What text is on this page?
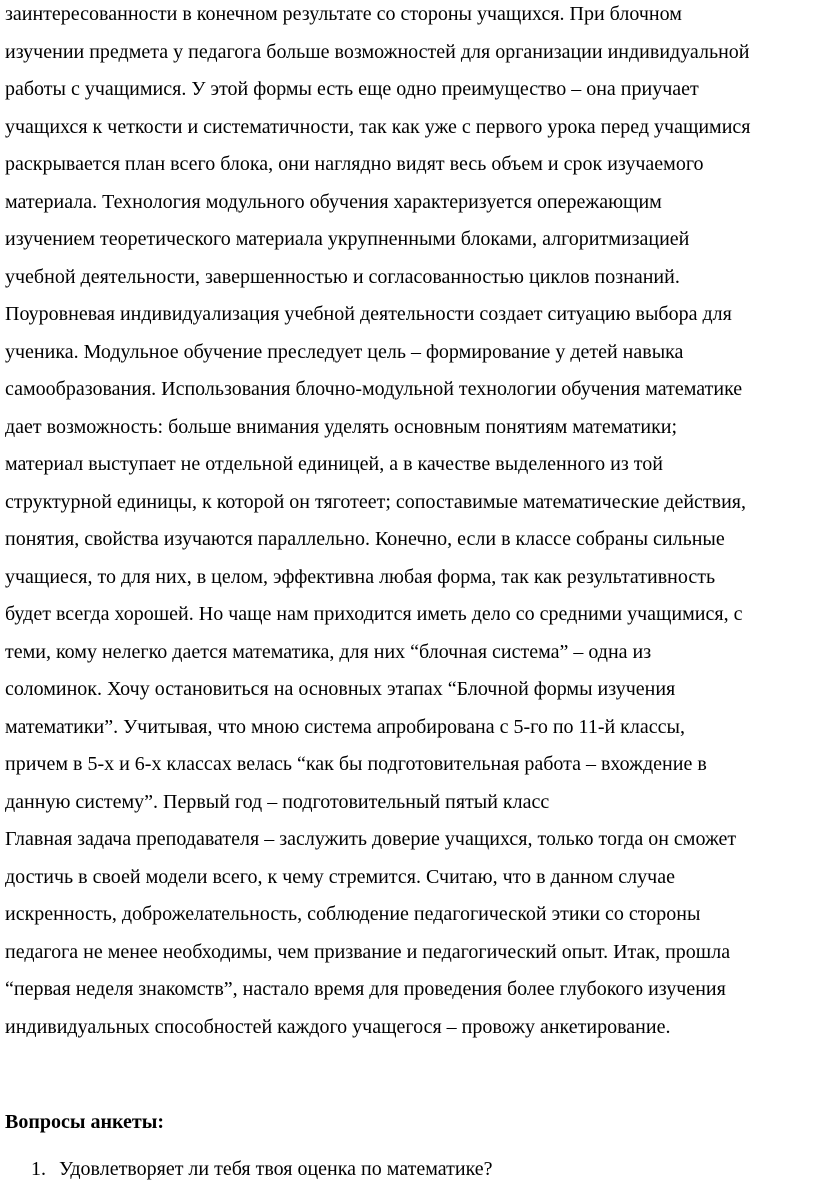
заинтересованности в конечном результате со стороны учащихся. При блочном
изучении предмета у педагога больше возможностей для организации индивидуальной
работы с учащимися. У этой формы есть еще одно преимущество – она приучает
учащихся к четкости и систематичности, так как уже с первого урока перед учащимися
раскрывается план всего блока, они наглядно видят весь объем и срок изучаемого
материала. Технология модульного обучения характеризуется опережающим
изучением теоретического материала укрупненными блоками, алгоритмизацией
учебной деятельности, завершенностью и согласованностью циклов познаний.
Поуровневая индивидуализация учебной деятельности создает ситуацию выбора для
ученика. Модульное обучение преследует цель – формирование у детей навыка
самообразования. Использования блочно-модульной технологии обучения математике
дает возможность: больше внимания уделять основным понятиям математики;
материал выступает не отдельной единицей, а в качестве выделенного из той
структурной единицы, к которой он тяготеет; сопоставимые математические действия,
понятия, свойства изучаются параллельно. Конечно, если в классе собраны сильные
учащиеся, то для них, в целом, эффективна любая форма, так как результативность
будет всегда хорошей. Но чаще нам приходится иметь дело со средними учащимися, с
теми, кому нелегко дается математика, для них “блочная система” – одна из
соломинок. Хочу остановиться на основных этапах “Блочной формы изучения
математики”. Учитывая, что мною система апробирована с 5-го по 11-й классы,
причем в 5-х и 6-х классах велась “как бы подготовительная работа – вхождение в
данную систему”. Первый год – подготовительный пятый класс
Главная задача преподавателя – заслужить доверие учащихся, только тогда он сможет
достичь в своей модели всего, к чему стремится. Считаю, что в данном случае
искренность, доброжелательность, соблюдение педагогической этики со стороны
педагога не менее необходимы, чем призвание и педагогический опыт. Итак, прошла
“первая неделя знакомств”, настало время для проведения более глубокого изучения
индивидуальных способностей каждого учащегося – провожу анкетирование.
Вопросы анкеты:
1. Удовлетворяет ли тебя твоя оценка по математике?
